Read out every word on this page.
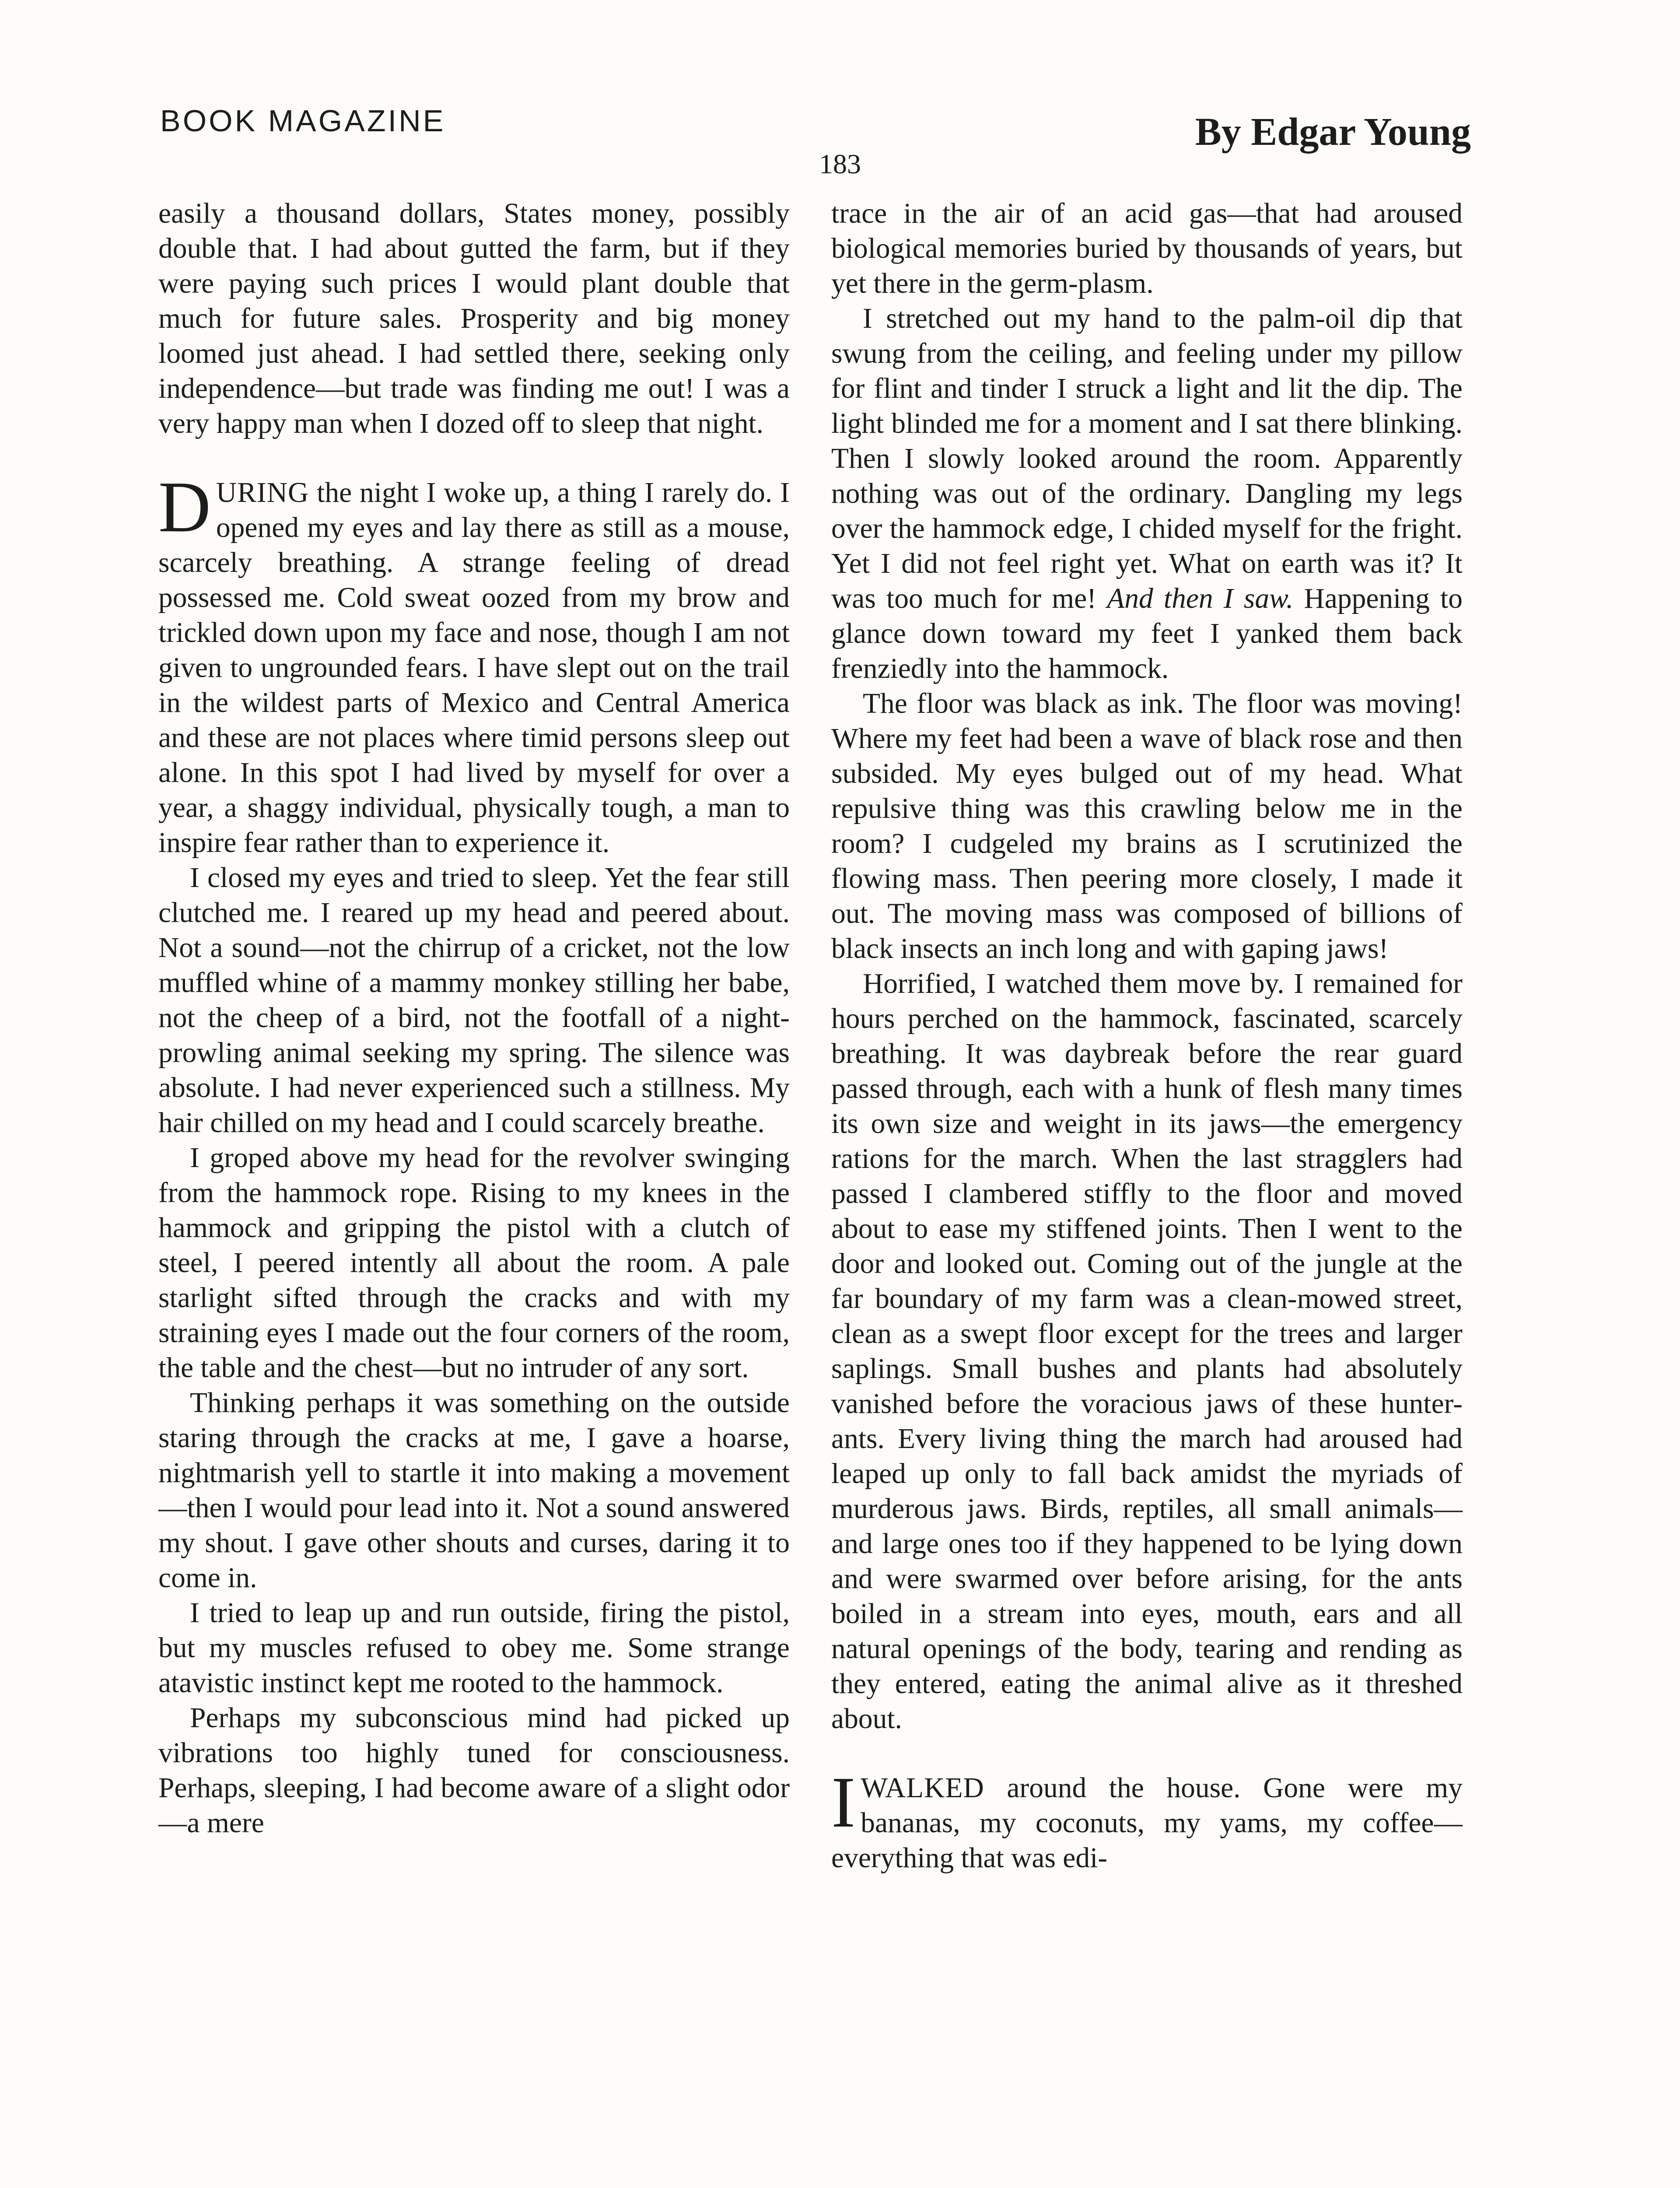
BOOK MAGAZINE	By Edgar Young
183

easily a thousand dollars, States money, possibly double that. I had about gutted the farm, but if they were paying such prices I would plant double that much for future sales. Prosperity and big money loomed just ahead. I had settled there, seeking only independence—but trade was finding me out! I was a very happy man when I dozed off to sleep that night.

DURING the night I woke up, a thing I rarely do. I opened my eyes and lay there as still as a mouse, scarcely breathing. A strange feeling of dread possessed me. Cold sweat oozed from my brow and trickled down upon my face and nose, though I am not given to ungrounded fears. I have slept out on the trail in the wildest parts of Mexico and Central America and these are not places where timid persons sleep out alone. In this spot I had lived by myself for over a year, a shaggy individual, physically tough, a man to inspire fear rather than to experience it.

I closed my eyes and tried to sleep. Yet the fear still clutched me. I reared up my head and peered about. Not a sound—not the chirrup of a cricket, not the low muffled whine of a mammy monkey stilling her babe, not the cheep of a bird, not the footfall of a night-prowling animal seeking my spring. The silence was absolute. I had never experienced such a stillness. My hair chilled on my head and I could scarcely breathe.

I groped above my head for the revolver swinging from the hammock rope. Rising to my knees in the hammock and gripping the pistol with a clutch of steel, I peered intently all about the room. A pale starlight sifted through the cracks and with my straining eyes I made out the four corners of the room, the table and the chest—but no intruder of any sort.

Thinking perhaps it was something on the outside staring through the cracks at me, I gave a hoarse, nightmarish yell to startle it into making a movement—then I would pour lead into it. Not a sound answered my shout. I gave other shouts and curses, daring it to come in.

I tried to leap up and run outside, firing the pistol, but my muscles refused to obey me. Some strange atavistic instinct kept me rooted to the hammock.

Perhaps my subconscious mind had picked up vibrations too highly tuned for consciousness. Perhaps, sleeping, I had become aware of a slight odor—a mere

trace in the air of an acid gas—that had aroused biological memories buried by thousands of years, but yet there in the germ-plasm.

I stretched out my hand to the palm-oil dip that swung from the ceiling, and feeling under my pillow for flint and tinder I struck a light and lit the dip. The light blinded me for a moment and I sat there blinking. Then I slowly looked around the room. Apparently nothing was out of the ordinary. Dangling my legs over the hammock edge, I chided myself for the fright. Yet I did not feel right yet. What on earth was it? It was too much for me! And then I saw. Happening to glance down toward my feet I yanked them back frenziedly into the hammock.

The floor was black as ink. The floor was moving! Where my feet had been a wave of black rose and then subsided. My eyes bulged out of my head. What repulsive thing was this crawling below me in the room? I cudgeled my brains as I scrutinized the flowing mass. Then peering more closely, I made it out. The moving mass was composed of billions of black insects an inch long and with gaping jaws!

Horrified, I watched them move by. I remained for hours perched on the hammock, fascinated, scarcely breathing. It was daybreak before the rear guard passed through, each with a hunk of flesh many times its own size and weight in its jaws—the emergency rations for the march. When the last stragglers had passed I clambered stiffly to the floor and moved about to ease my stiffened joints. Then I went to the door and looked out. Coming out of the jungle at the far boundary of my farm was a clean-mowed street, clean as a swept floor except for the trees and larger saplings. Small bushes and plants had absolutely vanished before the voracious jaws of these hunter-ants. Every living thing the march had aroused had leaped up only to fall back amidst the myriads of murderous jaws. Birds, reptiles, all small animals—and large ones too if they happened to be lying down and were swarmed over before arising, for the ants boiled in a stream into eyes, mouth, ears and all natural openings of the body, tearing and rending as they entered, eating the animal alive as it threshed about.

I WALKED around the house. Gone were my bananas, my coconuts, my yams, my coffee—everything that was edi-
